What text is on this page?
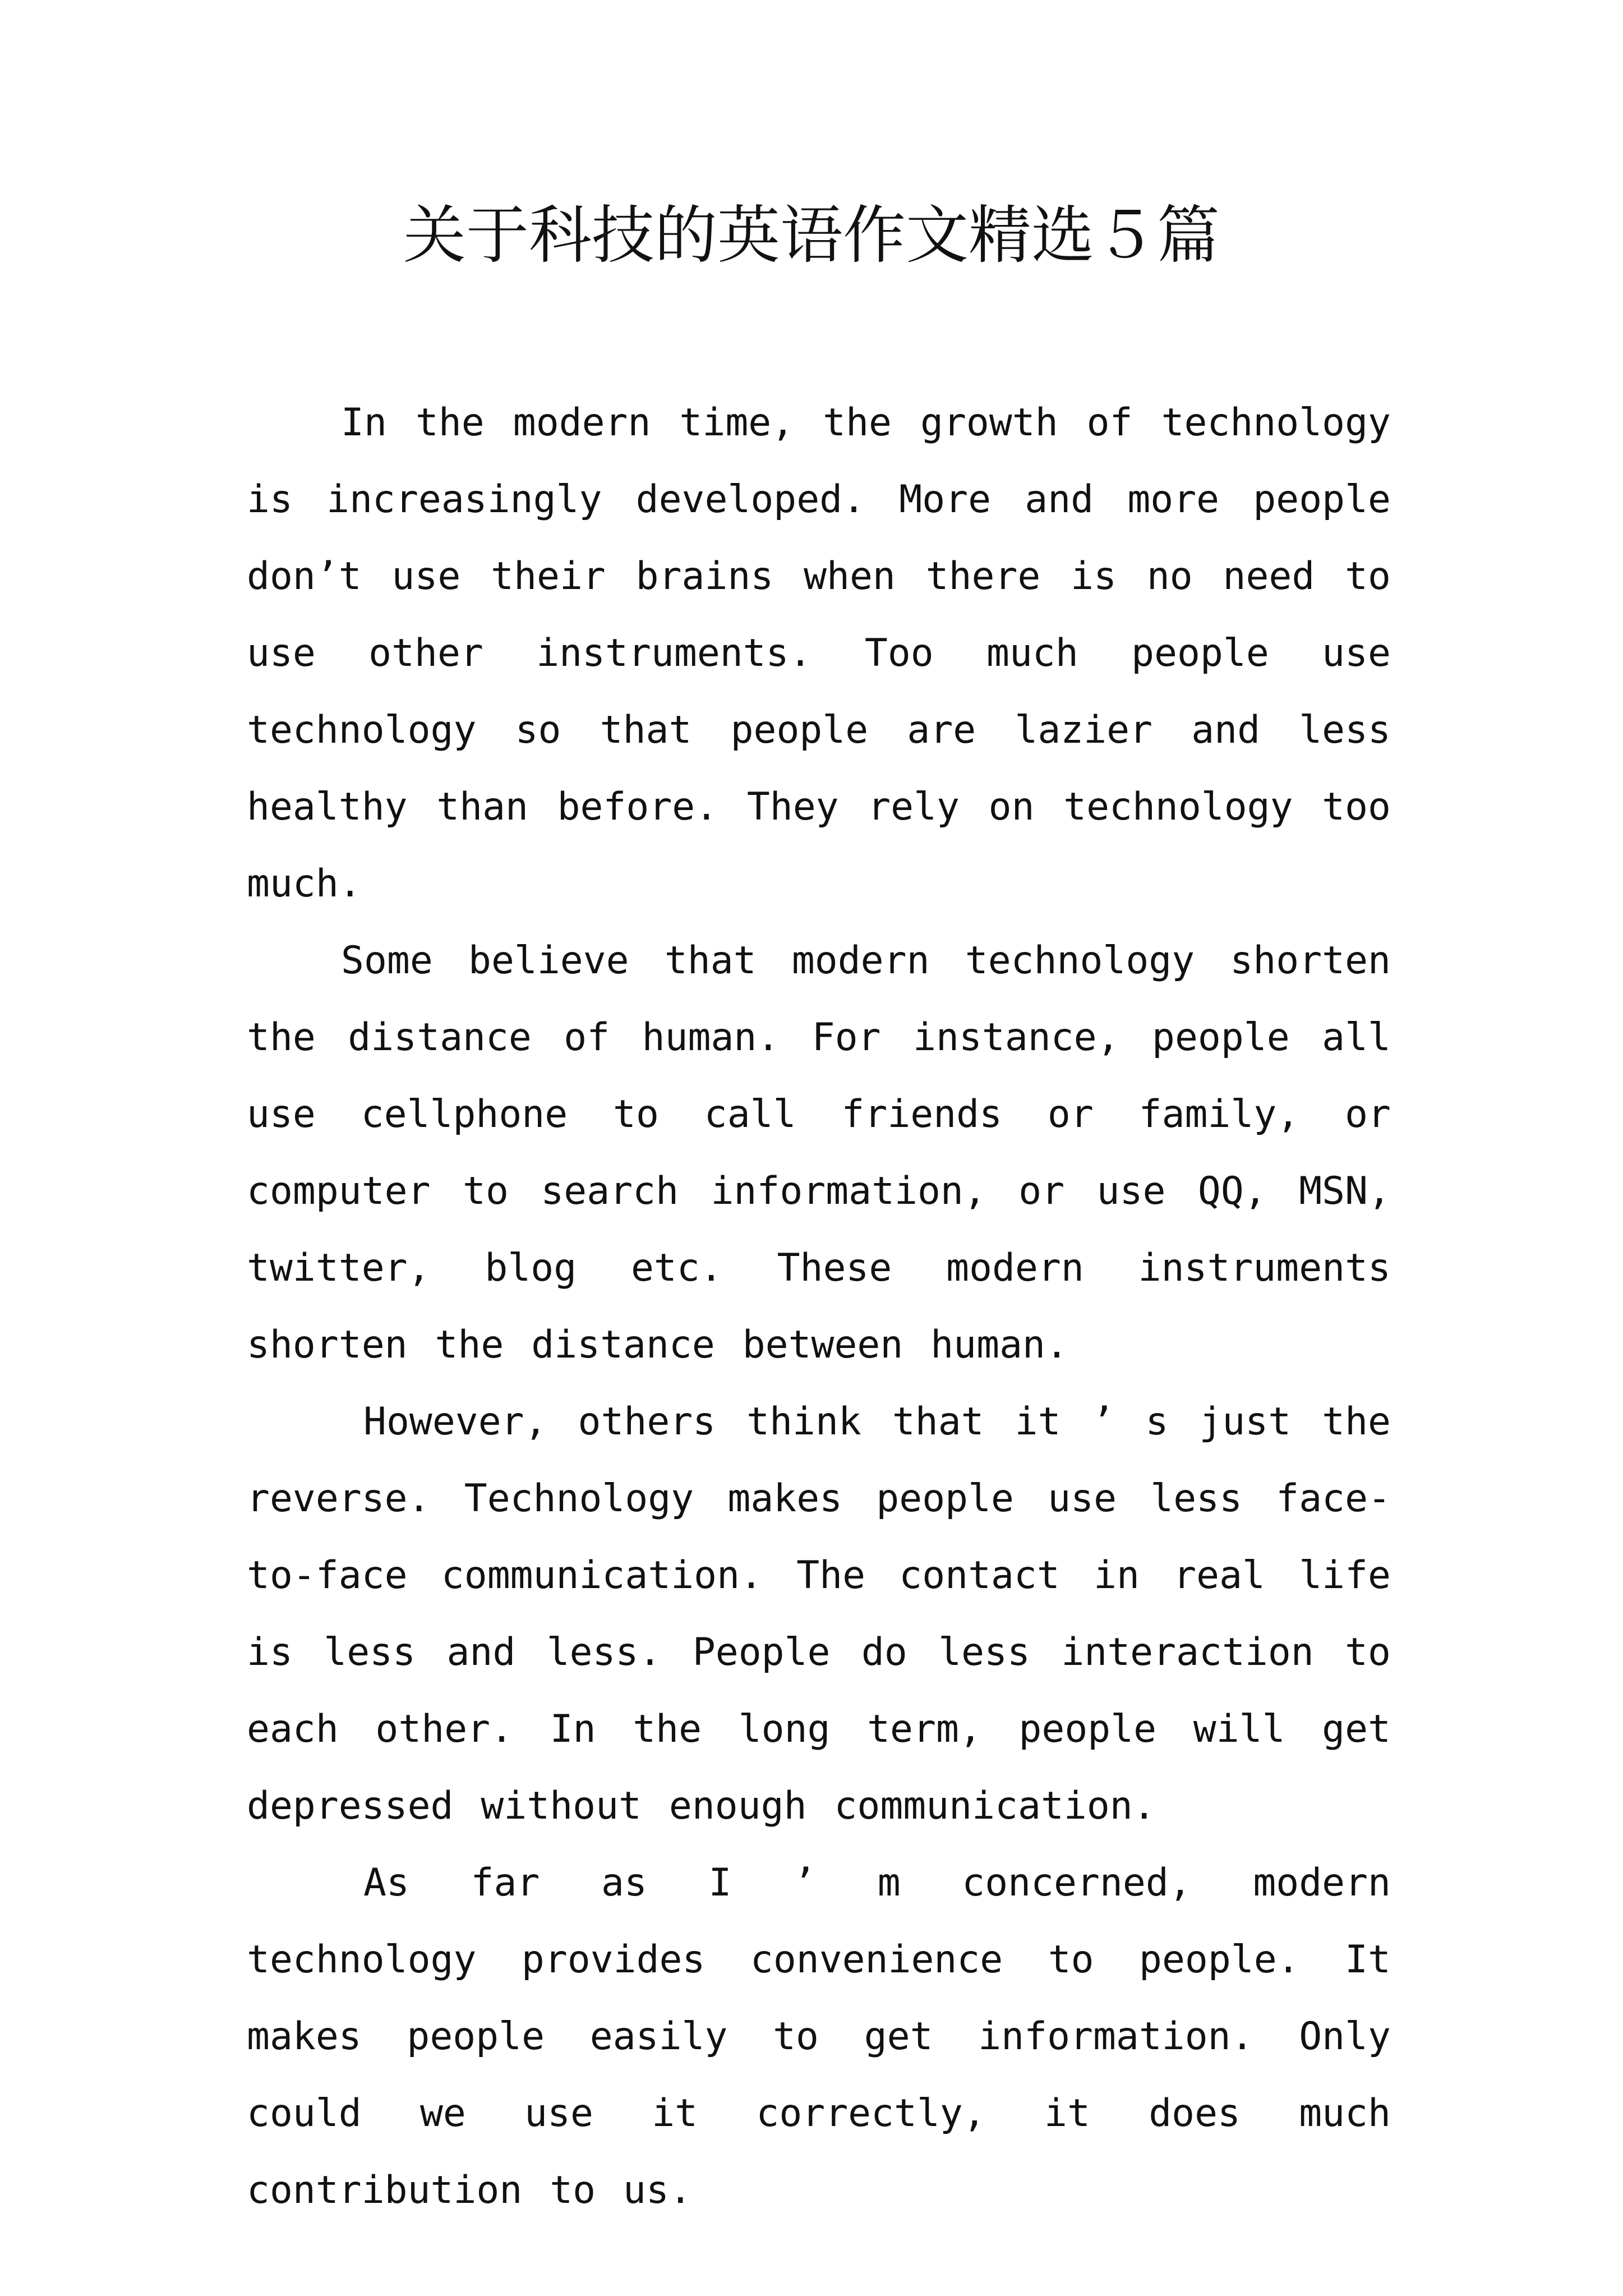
关于科技的英语作文精选５篇

In the modern time, the growth of technology is increasingly developed. More and more people don’t use their brains when there is no need to use other instruments. Too much people use technology so that people are lazier and less healthy than before. They rely on technology too much.

Some believe that modern technology shorten the distance of human. For instance, people all use cellphone to call friends or family, or computer to search information, or use QQ, MSN, twitter, blog etc. These modern instruments shorten the distance between human.

However, others think that it ’ s just the reverse. Technology makes people use less face-to-face communication. The contact in real life is less and less. People do less interaction to each other. In the long term, people will get depressed without enough communication.

As far as I ’ m concerned, modern technology provides convenience to people. It makes people easily to get information. Only could we use it correctly, it does much contribution to us.
